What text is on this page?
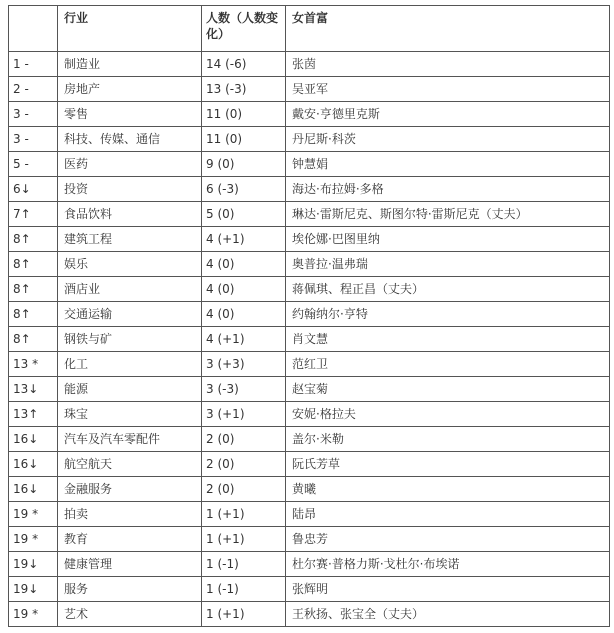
	行业	人数（人数变化）	女首富
1 -	制造业	14 (-6)	张茵
2 -	房地产	13 (-3)	吴亚军
3 -	零售	11 (0)	戴安·亨德里克斯
3 -	科技、传媒、通信	11 (0)	丹尼斯·科茨
5 -	医药	9 (0)	钟慧娟
6↓	投资	6 (-3)	海达·布拉姆·多格
7↑	食品饮料	5 (0)	琳达·雷斯尼克、斯图尔特·雷斯尼克（丈夫）
8↑	建筑工程	4 (+1)	埃伦娜·巴图里纳
8↑	娱乐	4 (0)	奥普拉·温弗瑞
8↑	酒店业	4 (0)	蒋佩琪、程正昌（丈夫）
8↑	交通运输	4 (0)	约翰纳尔·亨特
8↑	钢铁与矿	4 (+1)	肖文慧
13 *	化工	3 (+3)	范红卫
13↓	能源	3 (-3)	赵宝菊
13↑	珠宝	3 (+1)	安妮·格拉夫
16↓	汽车及汽车零配件	2 (0)	盖尔·米勒
16↓	航空航天	2 (0)	阮氏芳草
16↓	金融服务	2 (0)	黄曦
19 *	拍卖	1 (+1)	陆昂
19 *	教育	1 (+1)	鲁忠芳
19↓	健康管理	1 (-1)	杜尔赛·普格力斯·戈杜尔·布埃诺
19↓	服务	1 (-1)	张辉明
19 *	艺术	1 (+1)	王秋扬、张宝全（丈夫）
